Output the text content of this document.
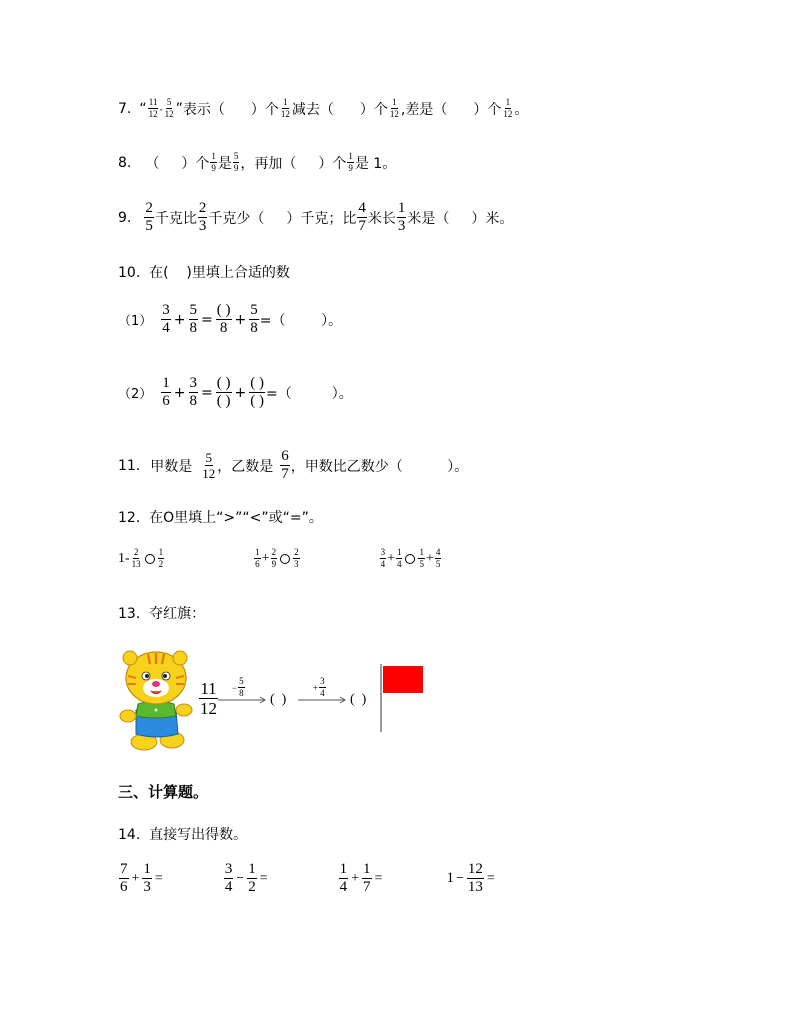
7. “ $\frac{11}{12} - \frac{5}{12}$ ” 表示（ ）个 $\frac{1}{12}$ 减去（ ）个 $\frac{1}{12}$ ,差是（ ）个 $\frac{1}{12}$ 。
8. （ ）个 $\frac{1}{9}$ 是 $\frac{5}{9}$ ，再加（ ）个 $\frac{1}{9}$ 是 1。
9. $\frac{2}{5}$ 千克比 $\frac{2}{3}$ 千克少（ ）千克；比 $\frac{4}{7}$ 米长 $\frac{1}{3}$ 米是（ ）米。
10.  在(    )里填上合适的数
$(1) \frac{3}{4} + \frac{5}{8} = \frac{( )}{8} + \frac{5}{8}$ =（        ）。
$(2) \frac{1}{6} + \frac{3}{8} = \frac{( )}{( )} + \frac{( )}{( )}$ =（         ）。
11. 甲数是 $\frac{5}{12}$ ，乙数是 $\frac{6}{7}$ ，甲数比乙数少（          ）。
12.  在O里填上“>”“<”或“=”。
$1- \frac{2}{13} \frac{1}{2}$	$\frac{1}{6} + \frac{2}{9} \frac{2}{3}$	$\frac{3}{4} + \frac{1}{4} \frac{1}{5} + \frac{4}{5}$
13.  夺红旗：
$\frac{11}{12} - \frac{5}{8}$
(  )
+ $\frac{3}{4}$
(  )
三、计算题。
14.  直接写出得数。
$\frac{7}{6} + \frac{1}{3}$ =	$\frac{3}{4} - \frac{1}{2}$ =	$\frac{1}{4} + \frac{1}{7}$ =	$1 - \frac{12}{13}$ =
